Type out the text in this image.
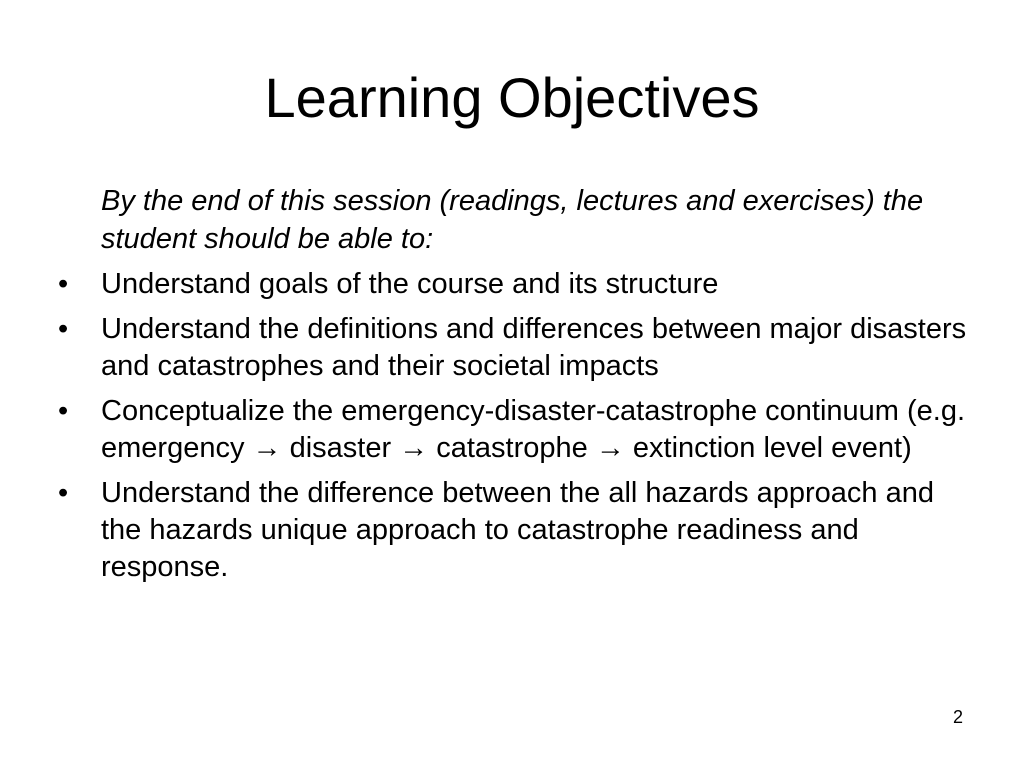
Learning Objectives

By the end of this session (readings, lectures and exercises) the student should be able to:

• Understand goals of the course and its structure
• Understand the definitions and differences between major disasters and catastrophes and their societal impacts
• Conceptualize the emergency-disaster-catastrophe continuum (e.g. emergency → disaster → catastrophe → extinction level event)
• Understand the difference between the all hazards approach and the hazards unique approach to catastrophe readiness and response.
2
